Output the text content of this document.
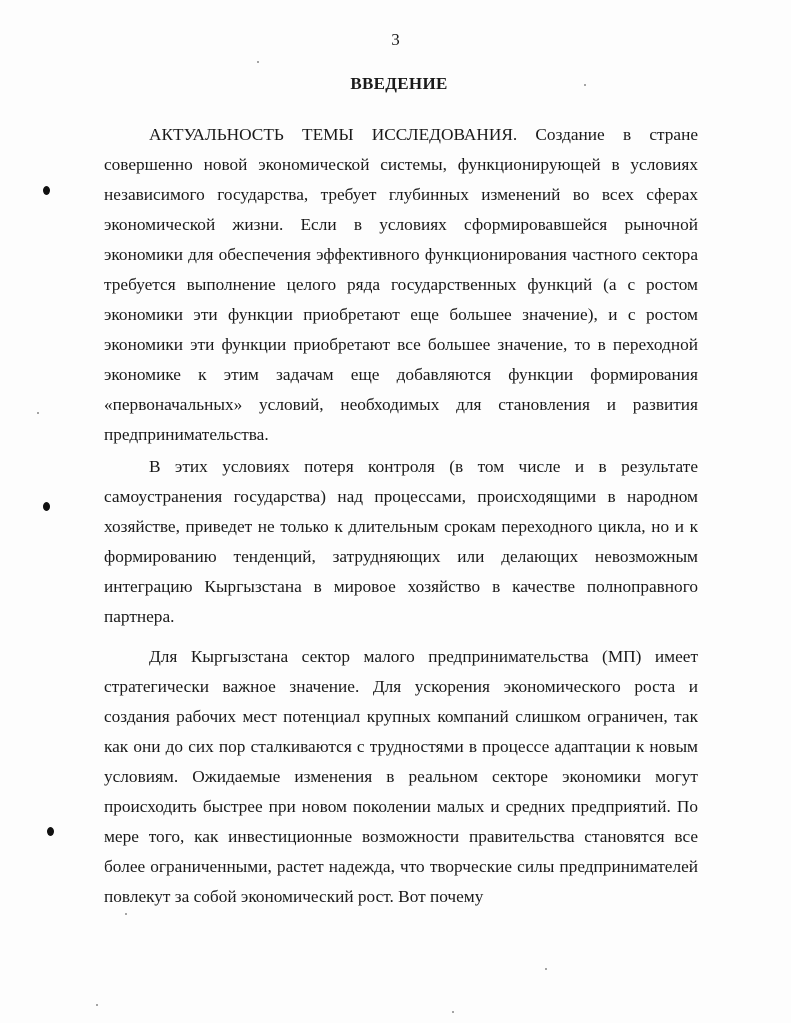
3
ВВЕДЕНИЕ

АКТУАЛЬНОСТЬ ТЕМЫ ИССЛЕДОВАНИЯ. Создание в стране совершенно новой экономической системы, функционирующей в условиях независимого государства, требует глубинных изменений во всех сферах экономической жизни. Если в условиях сформировавшейся рыночной экономики для обеспечения эффективного функционирования частного сектора требуется выполнение целого ряда государственных функций (а с ростом экономики эти функции приобретают еще большее значение), и с ростом экономики эти функции приобретают все большее значение, то в переходной экономике к этим задачам еще добавляются функции формирования «первоначальных» условий, необходимых для становления и развития предпринимательства.

В этих условиях потеря контроля (в том числе и в результате самоустранения государства) над процессами, происходящими в народном хозяйстве, приведет не только к длительным срокам переходного цикла, но и к формированию тенденций, затрудняющих или делающих невозможным интеграцию Кыргызстана в мировое хозяйство в качестве полноправного партнера.

Для Кыргызстана сектор малого предпринимательства (МП) имеет стратегически важное значение. Для ускорения экономического роста и создания рабочих мест потенциал крупных компаний слишком ограничен, так как они до сих пор сталкиваются с трудностями в процессе адаптации к новым условиям. Ожидаемые изменения в реальном секторе экономики могут происходить быстрее при новом поколении малых и средних предприятий. По мере того, как инвестиционные возможности правительства становятся все более ограниченными, растет надежда, что творческие силы предпринимателей повлекут за собой экономический рост. Вот почему
